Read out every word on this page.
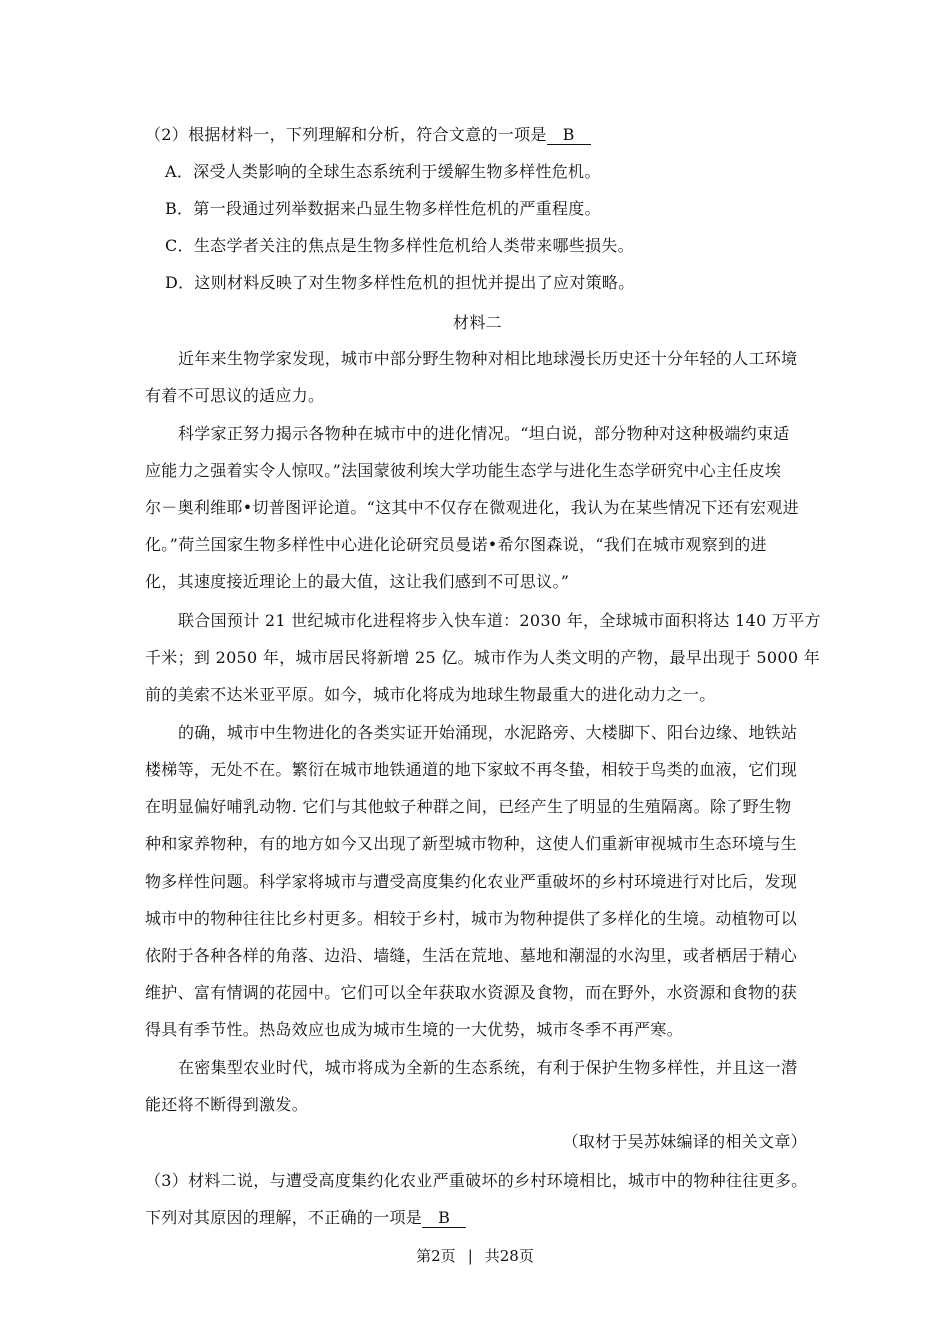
（2）根据材料一，下列理解和分析，符合文意的一项是 B
A．深受人类影响的全球生态系统利于缓解生物多样性危机。
B．第一段通过列举数据来凸显生物多样性危机的严重程度。
C．生态学者关注的焦点是生物多样性危机给人类带来哪些损失。
D．这则材料反映了对生物多样性危机的担忧并提出了应对策略。
材料二
近年来生物学家发现，城市中部分野生物种对相比地球漫长历史还十分年轻的人工环境
有着不可思议的适应力。
科学家正努力揭示各物种在城市中的进化情况。“坦白说，部分物种对这种极端约束适
应能力之强着实令人惊叹。”法国蒙彼利埃大学功能生态学与进化生态学研究中心主任皮埃
尔－奥利维耶•切普图评论道。“这其中不仅存在微观进化，我认为在某些情况下还有宏观进
化。”荷兰国家生物多样性中心进化论研究员曼诺•希尔图森说，“我们在城市观察到的进
化，其速度接近理论上的最大值，这让我们感到不可思议。”
联合国预计 21 世纪城市化进程将步入快车道：2030 年，全球城市面积将达 140 万平方
千米；到 2050 年，城市居民将新增 25 亿。城市作为人类文明的产物，最早出现于 5000 年
前的美索不达米亚平原。如今，城市化将成为地球生物最重大的进化动力之一。
的确，城市中生物进化的各类实证开始涌现，水泥路旁、大楼脚下、阳台边缘、地铁站
楼梯等，无处不在。繁衍在城市地铁通道的地下家蚊不再冬蛰，相较于鸟类的血液，它们现
在明显偏好哺乳动物. 它们与其他蚊子种群之间，已经产生了明显的生殖隔离。除了野生物
种和家养物种，有的地方如今又出现了新型城市物种，这使人们重新审视城市生态环境与生
物多样性问题。科学家将城市与遭受高度集约化农业严重破坏的乡村环境进行对比后，发现
城市中的物种往往比乡村更多。相较于乡村，城市为物种提供了多样化的生境。动植物可以
依附于各种各样的角落、边沿、墙缝，生活在荒地、墓地和潮湿的水沟里，或者栖居于精心
维护、富有情调的花园中。它们可以全年获取水资源及食物，而在野外，水资源和食物的获
得具有季节性。热岛效应也成为城市生境的一大优势，城市冬季不再严寒。
在密集型农业时代，城市将成为全新的生态系统，有利于保护生物多样性，并且这一潜
能还将不断得到激发。
（取材于吴苏妹编译的相关文章）
（3）材料二说，与遭受高度集约化农业严重破坏的乡村环境相比，城市中的物种往往更多。
下列对其原因的理解，不正确的一项是 B
第2页 | 共28页
